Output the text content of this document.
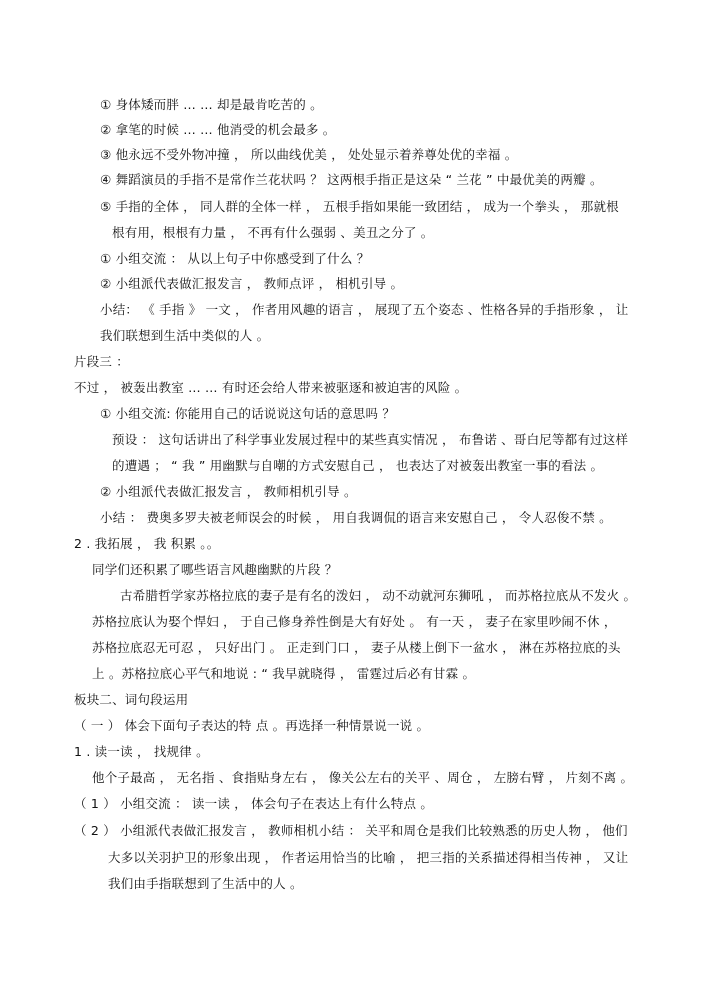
① 身体矮而胖 … … 却是最肯吃苦的 。
② 拿笔的时候 … … 他消受的机会最多 。
③ 他永远不受外物冲撞 ， 所以曲线优美 ， 处处显示着养尊处优的幸福 。
④ 舞蹈演员的手指不是常作兰花状吗 ？ 这两根手指正是这朵 “ 兰花 ” 中最优美的两瓣 。
⑤ 手指的全体 ， 同人群的全体一样 ， 五根手指如果能一致团结 ， 成为一个拳头 ， 那就根
根有用，根根有力量 ， 不再有什么强弱 、美丑之分了 。
① 小组交流 ： 从以上句子中你感受到了什么 ？
② 小组派代表做汇报发言 ， 教师点评 ， 相机引导 。
小结： 《 手指 》 一文 ， 作者用风趣的语言 ， 展现了五个姿态 、性格各异的手指形象 ， 让
我们联想到生活中类似的人 。
片段三 ：
不过 ， 被轰出教室 … … 有时还会给人带来被驱逐和被迫害的风险 。
① 小组交流: 你能用自己的话说说这句话的意思吗 ？
预设 ： 这句话讲出了科学事业发展过程中的某些真实情况 ， 布鲁诺 、哥白尼等都有过这样
的遭遇 ； “ 我 ” 用幽默与自嘲的方式安慰自己 ， 也表达了对被轰出教室一事的看法 。
② 小组派代表做汇报发言 ， 教师相机引导 。
小结 ： 费奥多罗夫被老师误会的时候 ， 用自我调侃的语言来安慰自己 ， 令人忍俊不禁 。
2 . 我拓展 ， 我 积累 。。
同学们还积累了哪些语言风趣幽默的片段 ？
古希腊哲学家苏格拉底的妻子是有名的泼妇 ， 动不动就河东狮吼 ， 而苏格拉底从不发火 。
苏格拉底认为娶个悍妇 ， 于自己修身养性倒是大有好处 。 有一天 ， 妻子在家里吵闹不休 ，
苏格拉底忍无可忍 ， 只好出门 。 正走到门口 ， 妻子从楼上倒下一盆水 ， 淋在苏格拉底的头
上 。苏格拉底心平气和地说 : “ 我早就晓得 ， 雷霆过后必有甘霖 。
板块二、词句段运用
（ 一 ） 体会下面句子表达的特 点 。再选择一种情景说一说 。
1 . 读一读 ， 找规律 。
他个子最高 ， 无名指 、食指贴身左右 ， 像关公左右的关平 、周仓 ， 左膀右臂 ， 片刻不离 。
（ 1 ） 小组交流 ： 读一读 ， 体会句子在表达上有什么特点 。
（ 2 ） 小组派代表做汇报发言 ， 教师相机小结 ： 关平和周仓是我们比较熟悉的历史人物 ， 他们
大多以关羽护卫的形象出现 ， 作者运用恰当的比喻 ， 把三指的关系描述得相当传神 ， 又让
我们由手指联想到了生活中的人 。
